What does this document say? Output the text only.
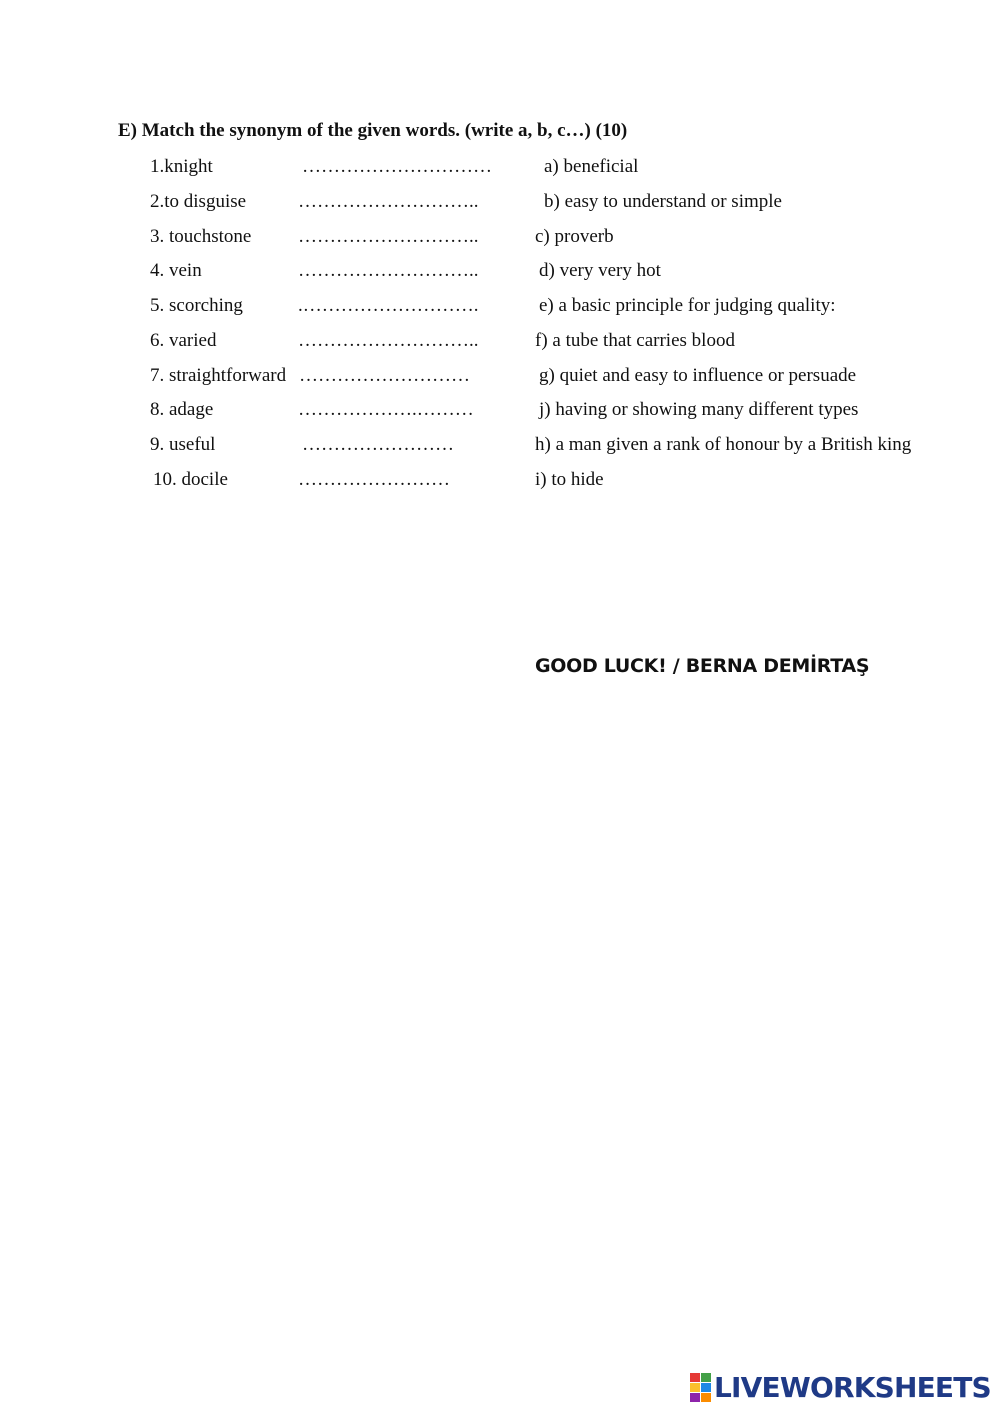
E) Match the synonym of the given words. (write a, b, c…) (10)
1.knight	…………………………	a) beneficial
2.to disguise	………………………..	b) easy to understand or simple
3. touchstone ………………………..	c) proverb
4. vein	………………………..	d) very very hot
5. scorching	.……………………….	e) a basic principle for judging quality:
6. varied	………………………..	f) a tube that carries blood
7. straightforward ………………………	g) quiet and easy to influence or persuade
8. adage	……………….………	j) having or showing many different types
9. useful	……………………	h) a man given a rank of honour by a British king
10. docile	……………………	i) to hide
GOOD LUCK! / BERNA DEMİRTAŞ
LIVEWORKSHEETS
